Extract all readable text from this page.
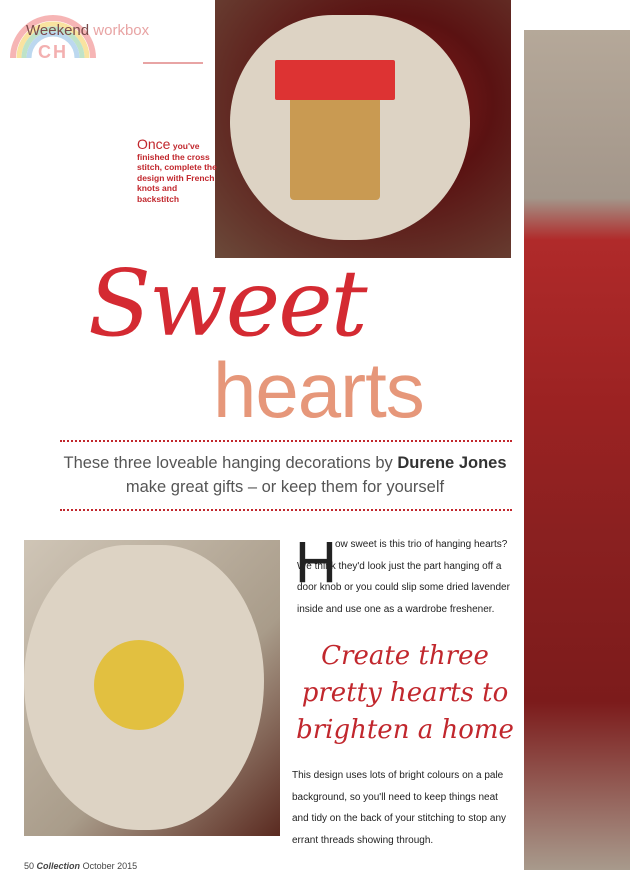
CH
Weekend workbox
Once you've finished the cross stitch, complete the design with French knots and backstitch
Sweet
hearts
These three loveable hanging decorations by Durene Jones
make great gifts – or keep them for yourself
H
ow sweet is this trio of hanging hearts? We think they'd look just the part hanging off a door knob or you could slip some dried lavender inside and use one as a wardrobe freshener.
Create three pretty hearts to brighten a home
This design uses lots of bright colours on a pale background, so you'll need to keep things neat and tidy on the back of your stitching to stop any errant threads showing through.
50 Collection October 2015
